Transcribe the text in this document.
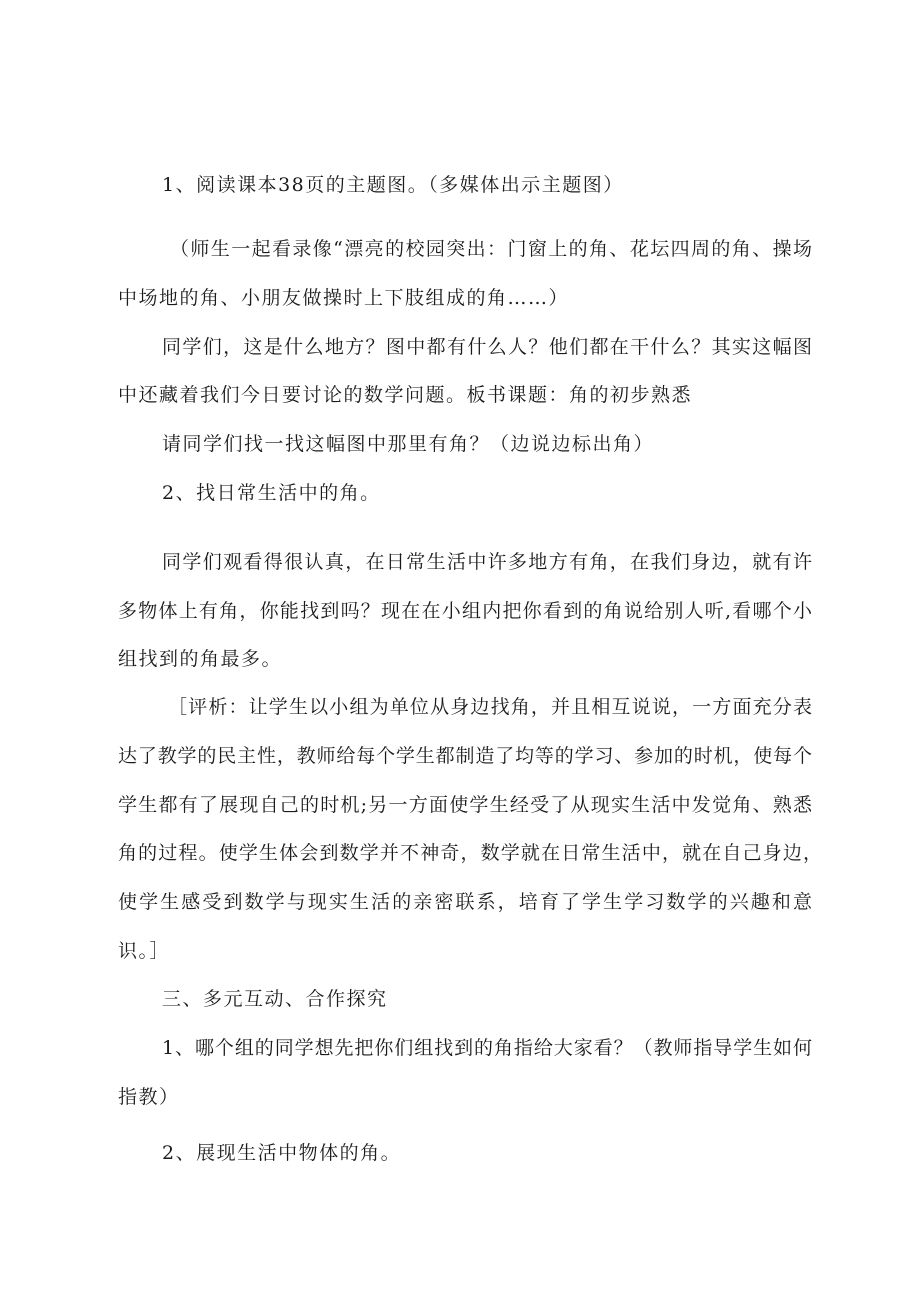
1、阅读课本38页的主题图。（多媒体出示主题图）
（师生一起看录像“漂亮的校园突出：门窗上的角、花坛四周的角、操场
中场地的角、小朋友做操时上下肢组成的角……）
同学们，这是什么地方？图中都有什么人？他们都在干什么？其实这幅图
中还藏着我们今日要讨论的数学问题。板书课题：角的初步熟悉
请同学们找一找这幅图中那里有角？（边说边标出角）
2、找日常生活中的角。
同学们观看得很认真，在日常生活中许多地方有角，在我们身边，就有许
多物体上有角，你能找到吗？现在在小组内把你看到的角说给别人听,看哪个小
组找到的角最多。
［评析：让学生以小组为单位从身边找角，并且相互说说，一方面充分表
达了教学的民主性，教师给每个学生都制造了均等的学习、参加的时机，使每个
学生都有了展现自己的时机;另一方面使学生经受了从现实生活中发觉角、熟悉
角的过程。使学生体会到数学并不神奇，数学就在日常生活中，就在自己身边，
使学生感受到数学与现实生活的亲密联系，培育了学生学习数学的兴趣和意
识。］
三、多元互动、合作探究
1、哪个组的同学想先把你们组找到的角指给大家看？（教师指导学生如何
指教）
2、展现生活中物体的角。
